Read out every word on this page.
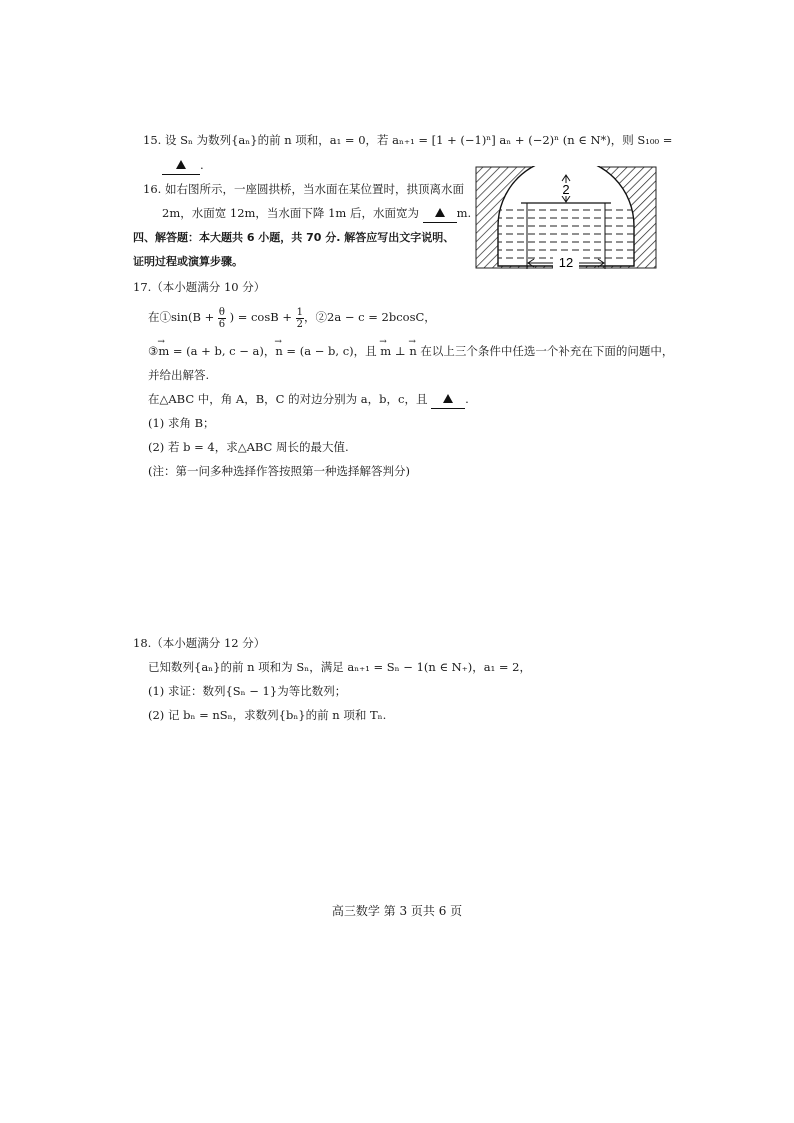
15. 设 Sₙ 为数列{aₙ}的前 n 项和，a₁ = 0，若 aₙ₊₁ = [1 + (−1)ⁿ] aₙ + (−2)ⁿ (n ∈ N*)，则 S₁₀₀ =
.
16. 如右图所示，一座圆拱桥，当水面在某位置时，拱顶离水面
2m，水面宽 12m，当水面下降 1m 后，水面宽为	m.
四、解答题：本大题共 6 小题，共 70 分. 解答应写出文字说明、
证明过程或演算步骤。
2
12
17.（本小题满分 10 分）
在①sin(B + $\frac{\theta}{6}$ ) = $\cos B + \frac{1}{2}$ ，②2a − c = 2bcosC，
③→ m = (a + b, c − a)，→ n = (a − b, c)，且 → m ⊥ → n 在以上三个条件中任选一个补充在下面的问题中，
并给出解答.
在△ABC 中，角 A，B，C 的对边分别为 a，b，c，且	.
(1) 求角 B；
(2) 若 b = 4，求△ABC 周长的最大值.
(注：第一问多种选择作答按照第一种选择解答判分)
18.（本小题满分 12 分）
已知数列{aₙ}的前 n 项和为 Sₙ，满足 aₙ₊₁ = Sₙ − 1(n ∈ N₊)，a₁ = 2，
(1) 求证：数列{Sₙ − 1}为等比数列；
(2) 记 bₙ = nSₙ，求数列{bₙ}的前 n 项和 Tₙ.
高三数学 第 3 页共 6 页
